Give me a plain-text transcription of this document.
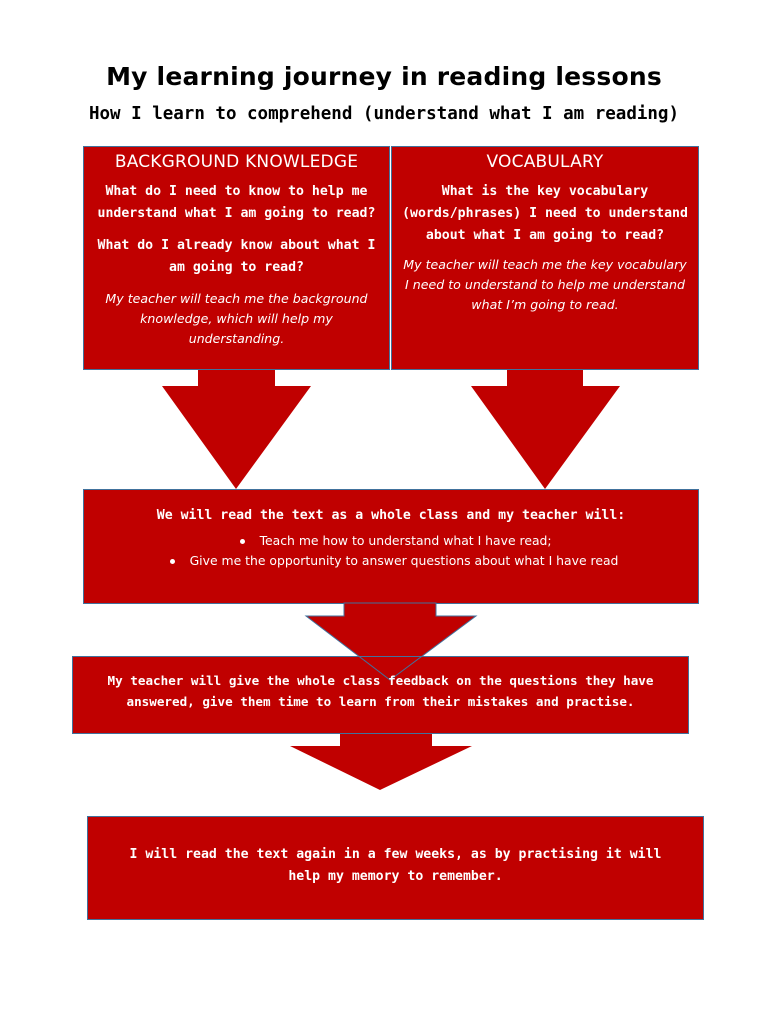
My learning journey in reading lessons
How I learn to comprehend (understand what I am reading)
BACKGROUND KNOWLEDGE
What do I need to know to help me understand what I am going to read?
What do I already know about what I am going to read?
My teacher will teach me the background knowledge, which will help my understanding.
VOCABULARY
What is the key vocabulary (words/phrases) I need to understand about what I am going to read?
My teacher will teach me the key vocabulary I need to understand to help me understand what I’m going to read.
We will read the text as a whole class and my teacher will:
Teach me how to understand what I have read;
Give me the opportunity to answer questions about what I have read
My teacher will give the whole class feedback on the questions they have answered, give them time to learn from their mistakes and practise.
I will read the text again in a few weeks, as by practising it will help my memory to remember.
